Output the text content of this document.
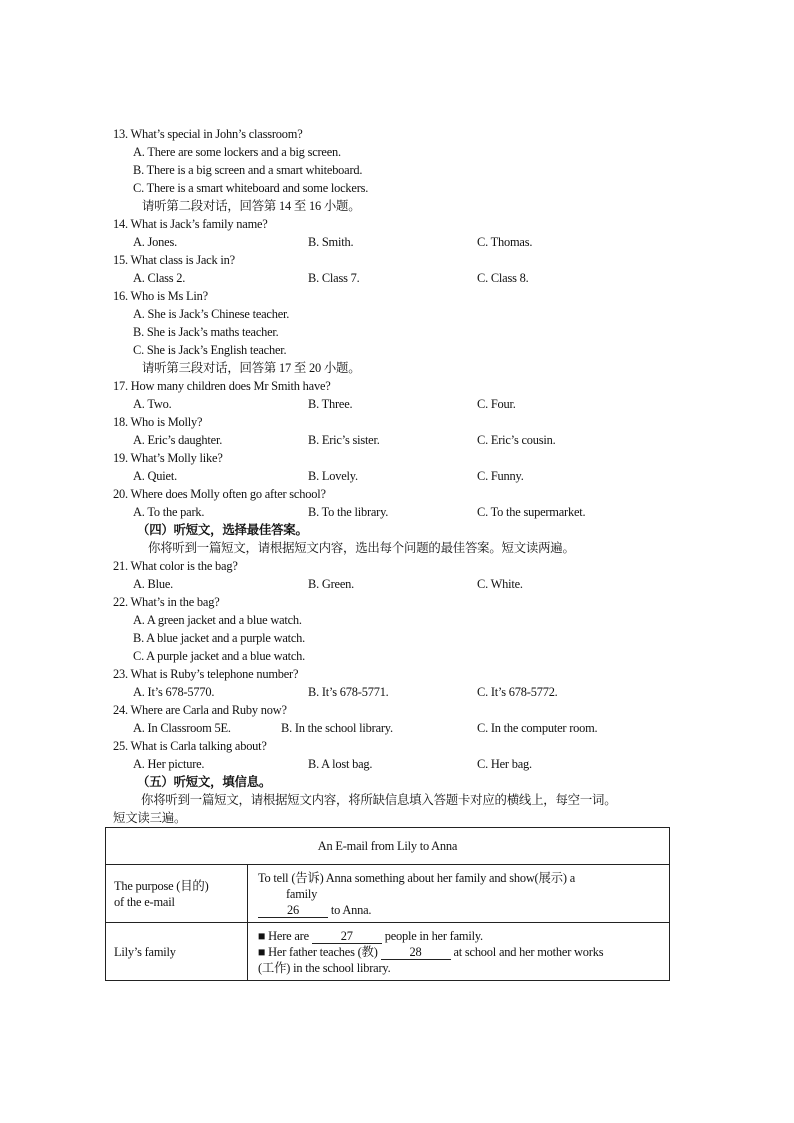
13. What’s special in John’s classroom?
A. There are some lockers and a big screen.
B. There is a big screen and a smart whiteboard.
C. There is a smart whiteboard and some lockers.
请听第二段对话，回答第 14 至 16 小题。
14. What is Jack’s family name?
A. Jones.	B. Smith.	C. Thomas.
15. What class is Jack in?
A. Class 2.	B. Class 7.	C. Class 8.
16. Who is Ms Lin?
A. She is Jack’s Chinese teacher.
B. She is Jack’s maths teacher.
C. She is Jack’s English teacher.
请听第三段对话，回答第 17 至 20 小题。
17. How many children does Mr Smith have?
A. Two.	B. Three.	C. Four.
18. Who is Molly?
A. Eric’s daughter.	B. Eric’s sister.	C. Eric’s cousin.
19. What’s Molly like?
A. Quiet.	B. Lovely.	C. Funny.
20. Where does Molly often go after school?
A. To the park.	B. To the library.	C. To the supermarket.
（四）听短文，选择最佳答案。
你将听到一篇短文，请根据短文内容，选出每个问题的最佳答案。短文读两遍。
21. What color is the bag?
A. Blue.	B. Green.	C. White.
22. What’s in the bag?
A. A green jacket and a blue watch.
B. A blue jacket and a purple watch.
C. A purple jacket and a blue watch.
23. What is Ruby’s telephone number?
A. It’s 678-5770.	B. It’s 678-5771.	C. It’s 678-5772.
24. Where are Carla and Ruby now?
A. In Classroom 5E.	B. In the school library.	C. In the computer room.
25. What is Carla talking about?
A. Her picture.	B. A lost bag.	C. Her bag.
（五）听短文，填信息。
你将听到一篇短文，请根据短文内容，将所缺信息填入答题卡对应的横线上，每空一词。
短文读三遍。
An E-mail from Lily to Anna	
The purpose (目的)
of the e-mail	To tell (告诉) Anna something about her family and show(展示) a

family
26 to Anna.
Lily’s family	■ Here are 27 people in her family.
■ Her father teaches (教) 28 at school and her mother works
(工作) in the school library.
